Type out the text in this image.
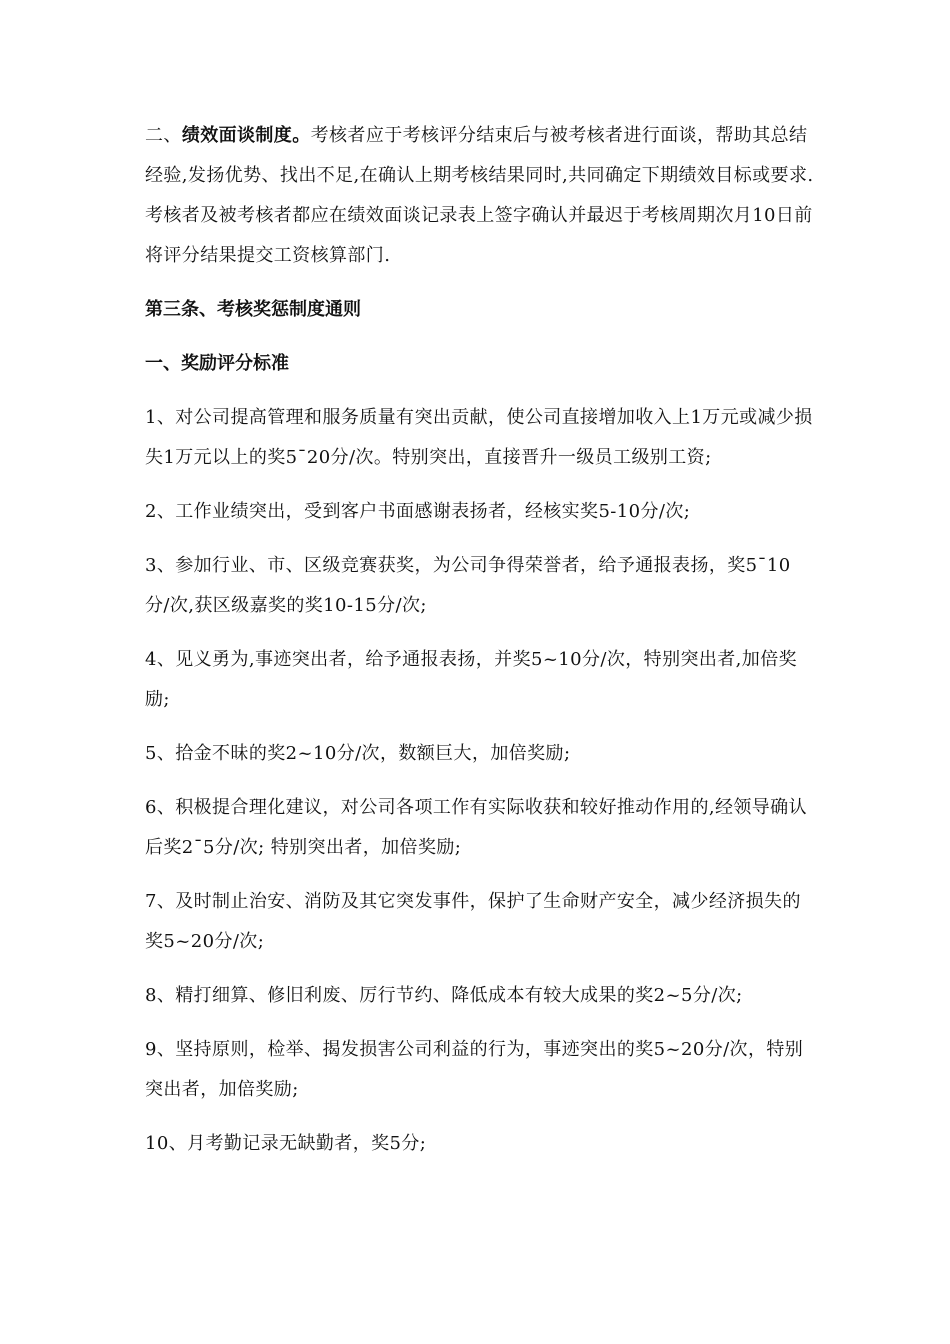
二、绩效面谈制度。考核者应于考核评分结束后与被考核者进行面谈，帮助其总结经验,发扬优势、找出不足,在确认上期考核结果同时,共同确定下期绩效目标或要求.考核者及被考核者都应在绩效面谈记录表上签字确认并最迟于考核周期次月10日前将评分结果提交工资核算部门.

第三条、考核奖惩制度通则

一、奖励评分标准

1、对公司提高管理和服务质量有突出贡献，使公司直接增加收入上1万元或减少损失1万元以上的奖5¯20分/次。特别突出，直接晋升一级员工级别工资;

2、工作业绩突出，受到客户书面感谢表扬者，经核实奖5-10分/次;

3、参加行业、市、区级竞赛获奖，为公司争得荣誉者，给予通报表扬，奖5¯10分/次,获区级嘉奖的奖10-15分/次;

4、见义勇为,事迹突出者，给予通报表扬，并奖5~10分/次，特别突出者,加倍奖励;

5、拾金不昧的奖2~10分/次，数额巨大，加倍奖励;

6、积极提合理化建议，对公司各项工作有实际收获和较好推动作用的,经领导确认后奖2¯5分/次; 特别突出者，加倍奖励;

7、及时制止治安、消防及其它突发事件，保护了生命财产安全，减少经济损失的奖5~20分/次;

8、精打细算、修旧利废、厉行节约、降低成本有较大成果的奖2~5分/次;

9、坚持原则，检举、揭发损害公司利益的行为，事迹突出的奖5~20分/次，特别突出者，加倍奖励;

10、月考勤记录无缺勤者，奖5分;
